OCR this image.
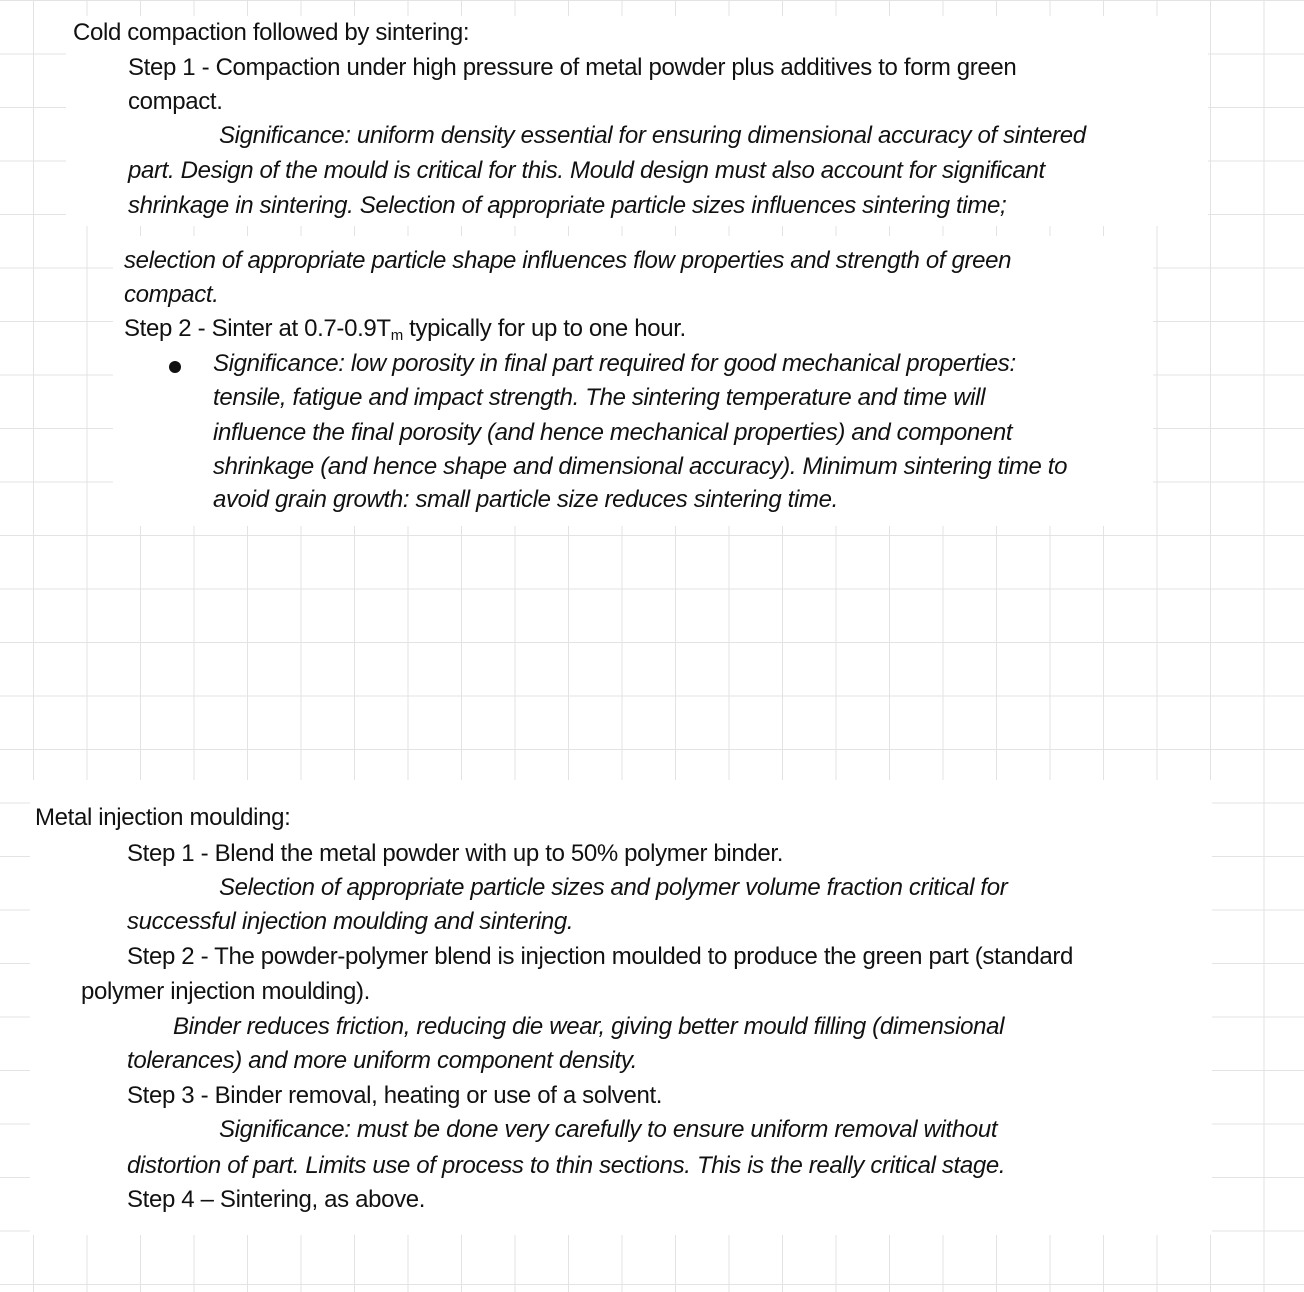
Cold compaction followed by sintering:
Step 1 - Compaction under high pressure of metal powder plus additives to form green
compact.
Significance: uniform density essential for ensuring dimensional accuracy of sintered
part. Design of the mould is critical for this. Mould design must also account for significant
shrinkage in sintering. Selection of appropriate particle sizes influences sintering time;
selection of appropriate particle shape influences flow properties and strength of green
compact.
Step 2 - Sinter at $0.7-0.9T_m$ typically for up to one hour.
Significance: low porosity in final part required for good mechanical properties:
tensile, fatigue and impact strength. The sintering temperature and time will
influence the final porosity (and hence mechanical properties) and component
shrinkage (and hence shape and dimensional accuracy). Minimum sintering time to
avoid grain growth: small particle size reduces sintering time.
Metal injection moulding:
Step 1 - Blend the metal powder with up to 50% polymer binder.
Selection of appropriate particle sizes and polymer volume fraction critical for
successful injection moulding and sintering.
Step 2 - The powder-polymer blend is injection moulded to produce the green part (standard
polymer injection moulding).
Binder reduces friction, reducing die wear, giving better mould filling (dimensional
tolerances) and more uniform component density.
Step 3 - Binder removal, heating or use of a solvent.
Significance: must be done very carefully to ensure uniform removal without
distortion of part. Limits use of process to thin sections. This is the really critical stage.
Step 4 – Sintering, as above.
